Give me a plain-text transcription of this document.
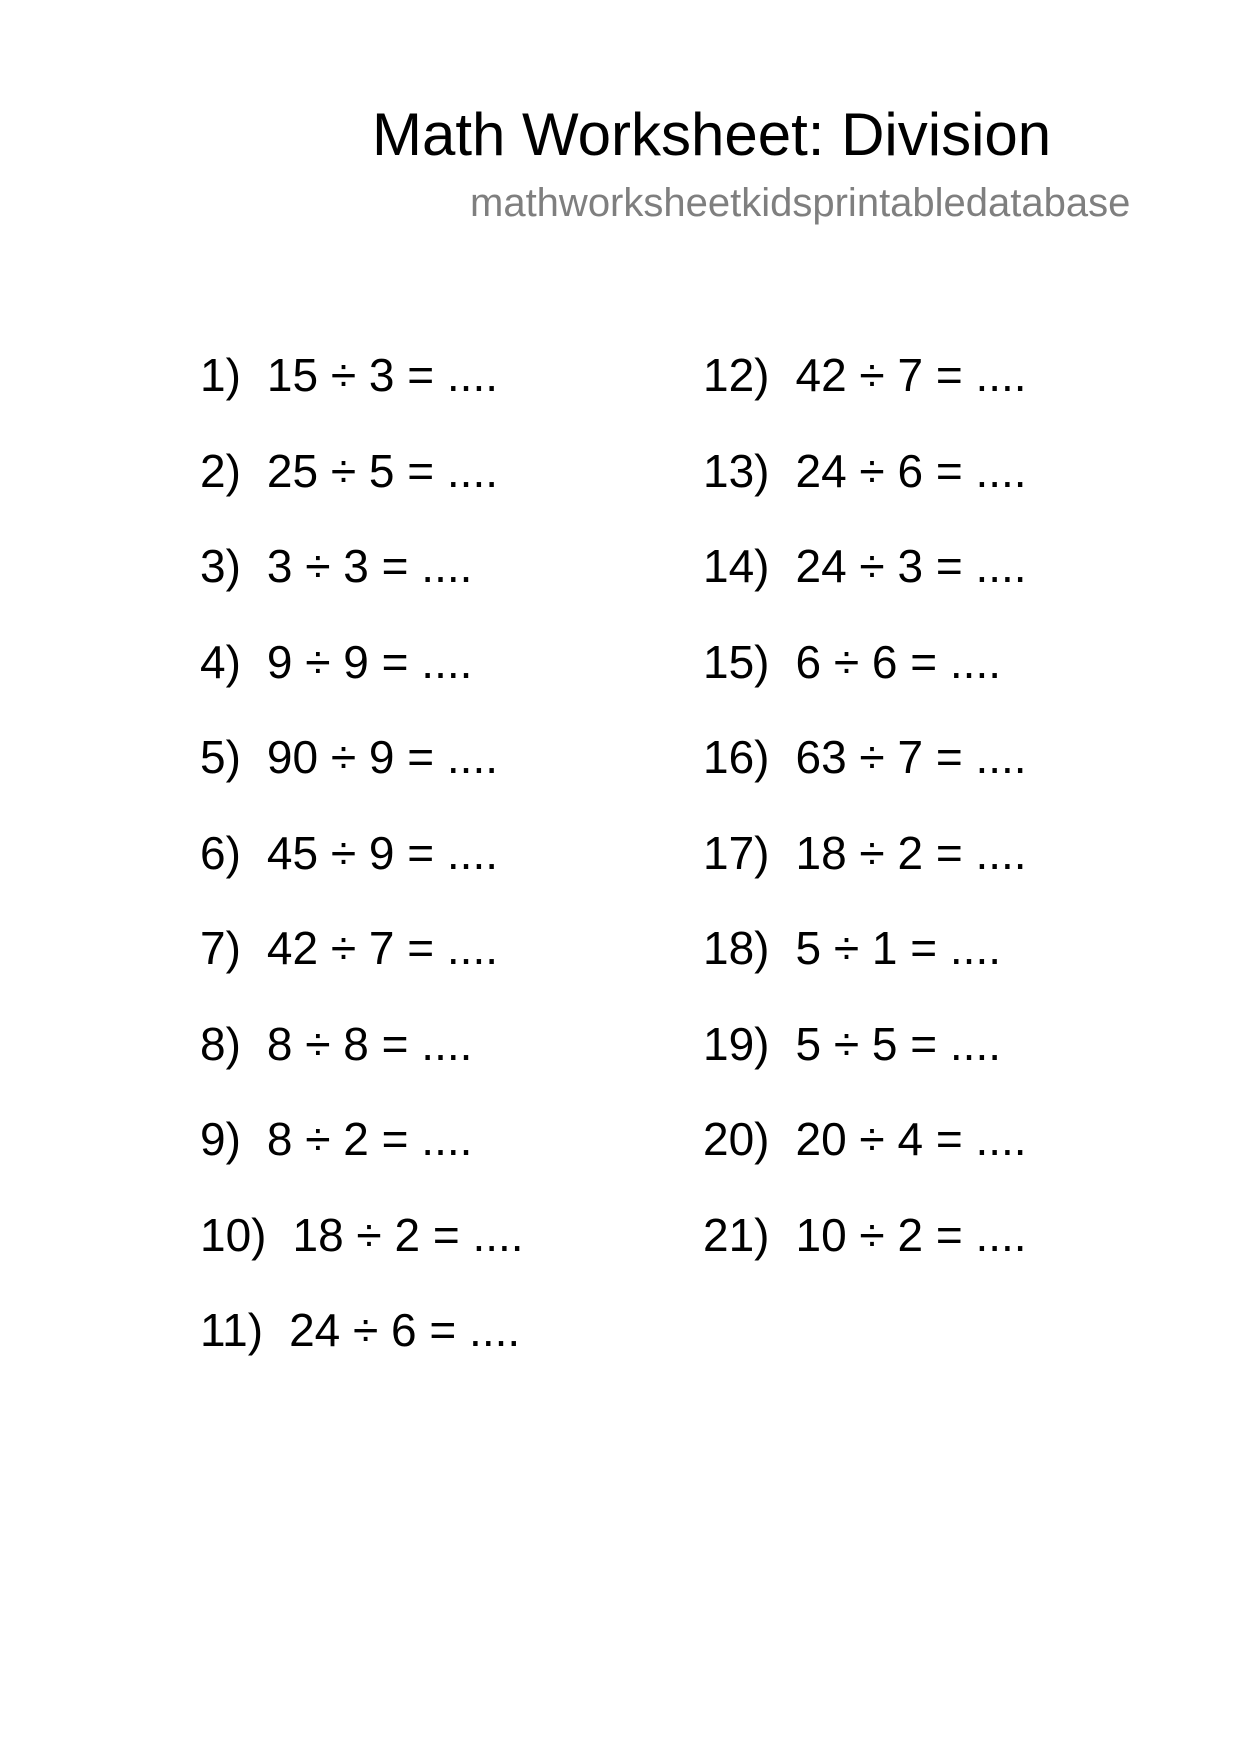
Math Worksheet: Division
mathworksheetkidsprintabledatabase
1) 15 ÷ 3 = ....
2) 25 ÷ 5 = ....
3) 3 ÷ 3 = ....
4) 9 ÷ 9 = ....
5) 90 ÷ 9 = ....
6) 45 ÷ 9 = ....
7) 42 ÷ 7 = ....
8) 8 ÷ 8 = ....
9) 8 ÷ 2 = ....
10) 18 ÷ 2 = ....
11) 24 ÷ 6 = ....
12) 42 ÷ 7 = ....
13) 24 ÷ 6 = ....
14) 24 ÷ 3 = ....
15) 6 ÷ 6 = ....
16) 63 ÷ 7 = ....
17) 18 ÷ 2 = ....
18) 5 ÷ 1 = ....
19) 5 ÷ 5 = ....
20) 20 ÷ 4 = ....
21) 10 ÷ 2 = ....
